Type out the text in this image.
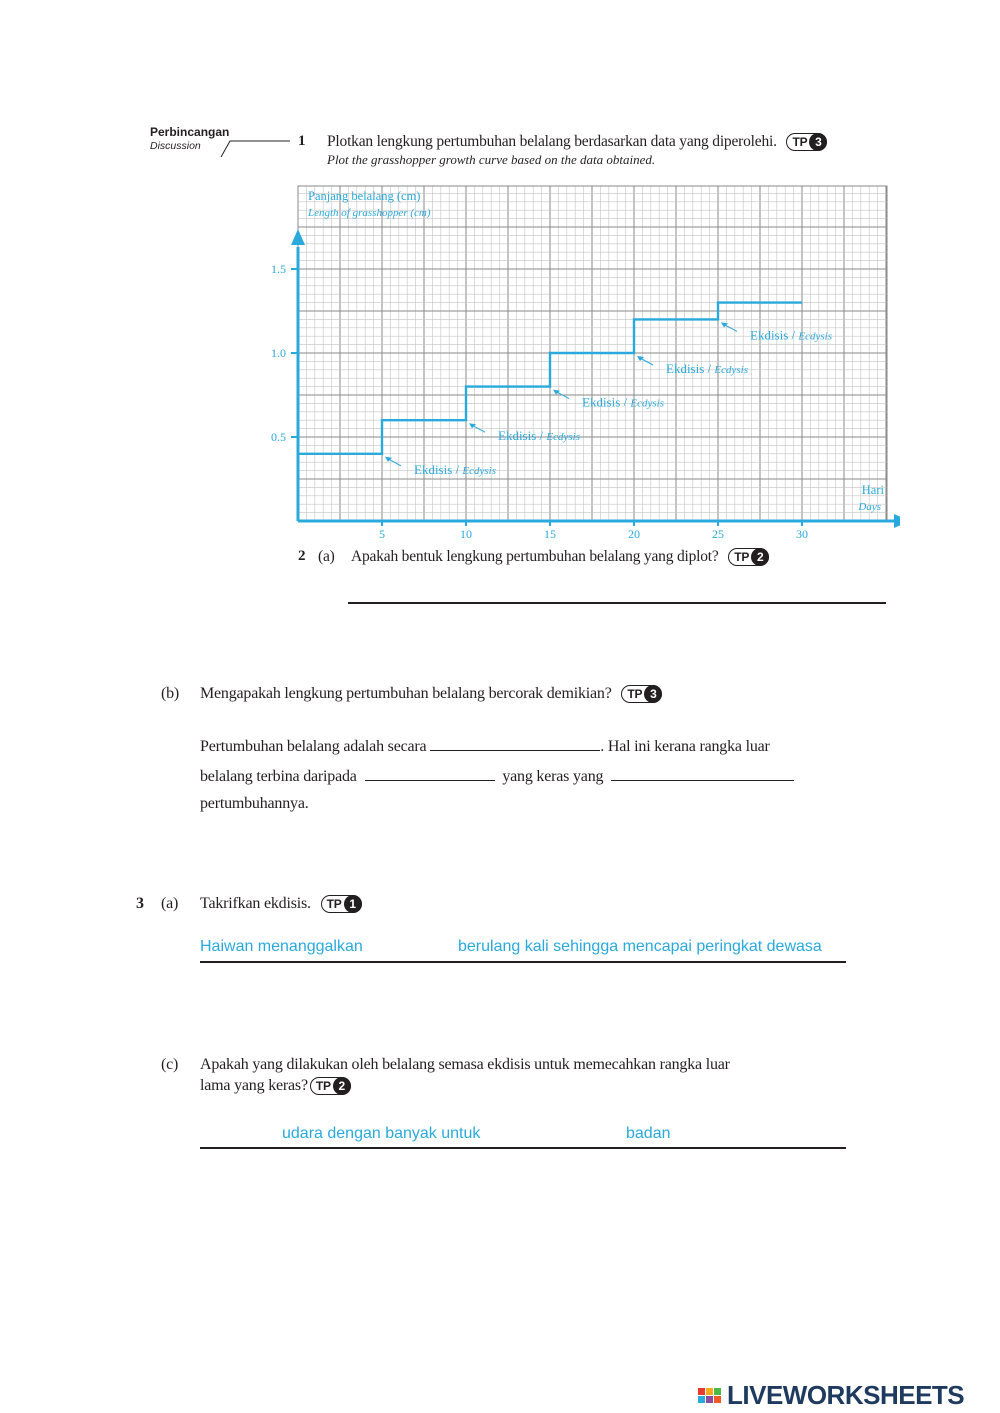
Perbincangan
Discussion	1 Plotkan lengkung pertumbuhan belalang berdasarkan data yang diperolehi. TP 3
Plot the grasshopper growth curve based on the data obtained.
5	10	15	20	25	30
0.5
1.0
1.5
Ekdisis / Ecdysis
Ekdisis / Ecdysis
Ekdisis / Ecdysis
Ekdisis / Ecdysis
Ekdisis / Ecdysis
Panjang belalang (cm)
Length of grasshopper (cm)
Hari
Days
2 (a) Apakah bentuk lengkung pertumbuhan belalang yang diplot? TP 2
(b) Mengapakah lengkung pertumbuhan belalang bercorak demikian? TP 3
Pertumbuhan belalang adalah secara	. Hal ini kerana rangka luar
belalang terbina daripada	yang keras yang
pertumbuhannya.
3 (a) Takrifkan ekdisis. TP 1
Haiwan menanggalkan	berulang kali sehingga mencapai peringkat dewasa
(c) Apakah yang dilakukan oleh belalang semasa ekdisis untuk memecahkan rangka luar
lama yang keras? TP 2
udara dengan banyak untuk	badan
LIVEWORKSHEETS
